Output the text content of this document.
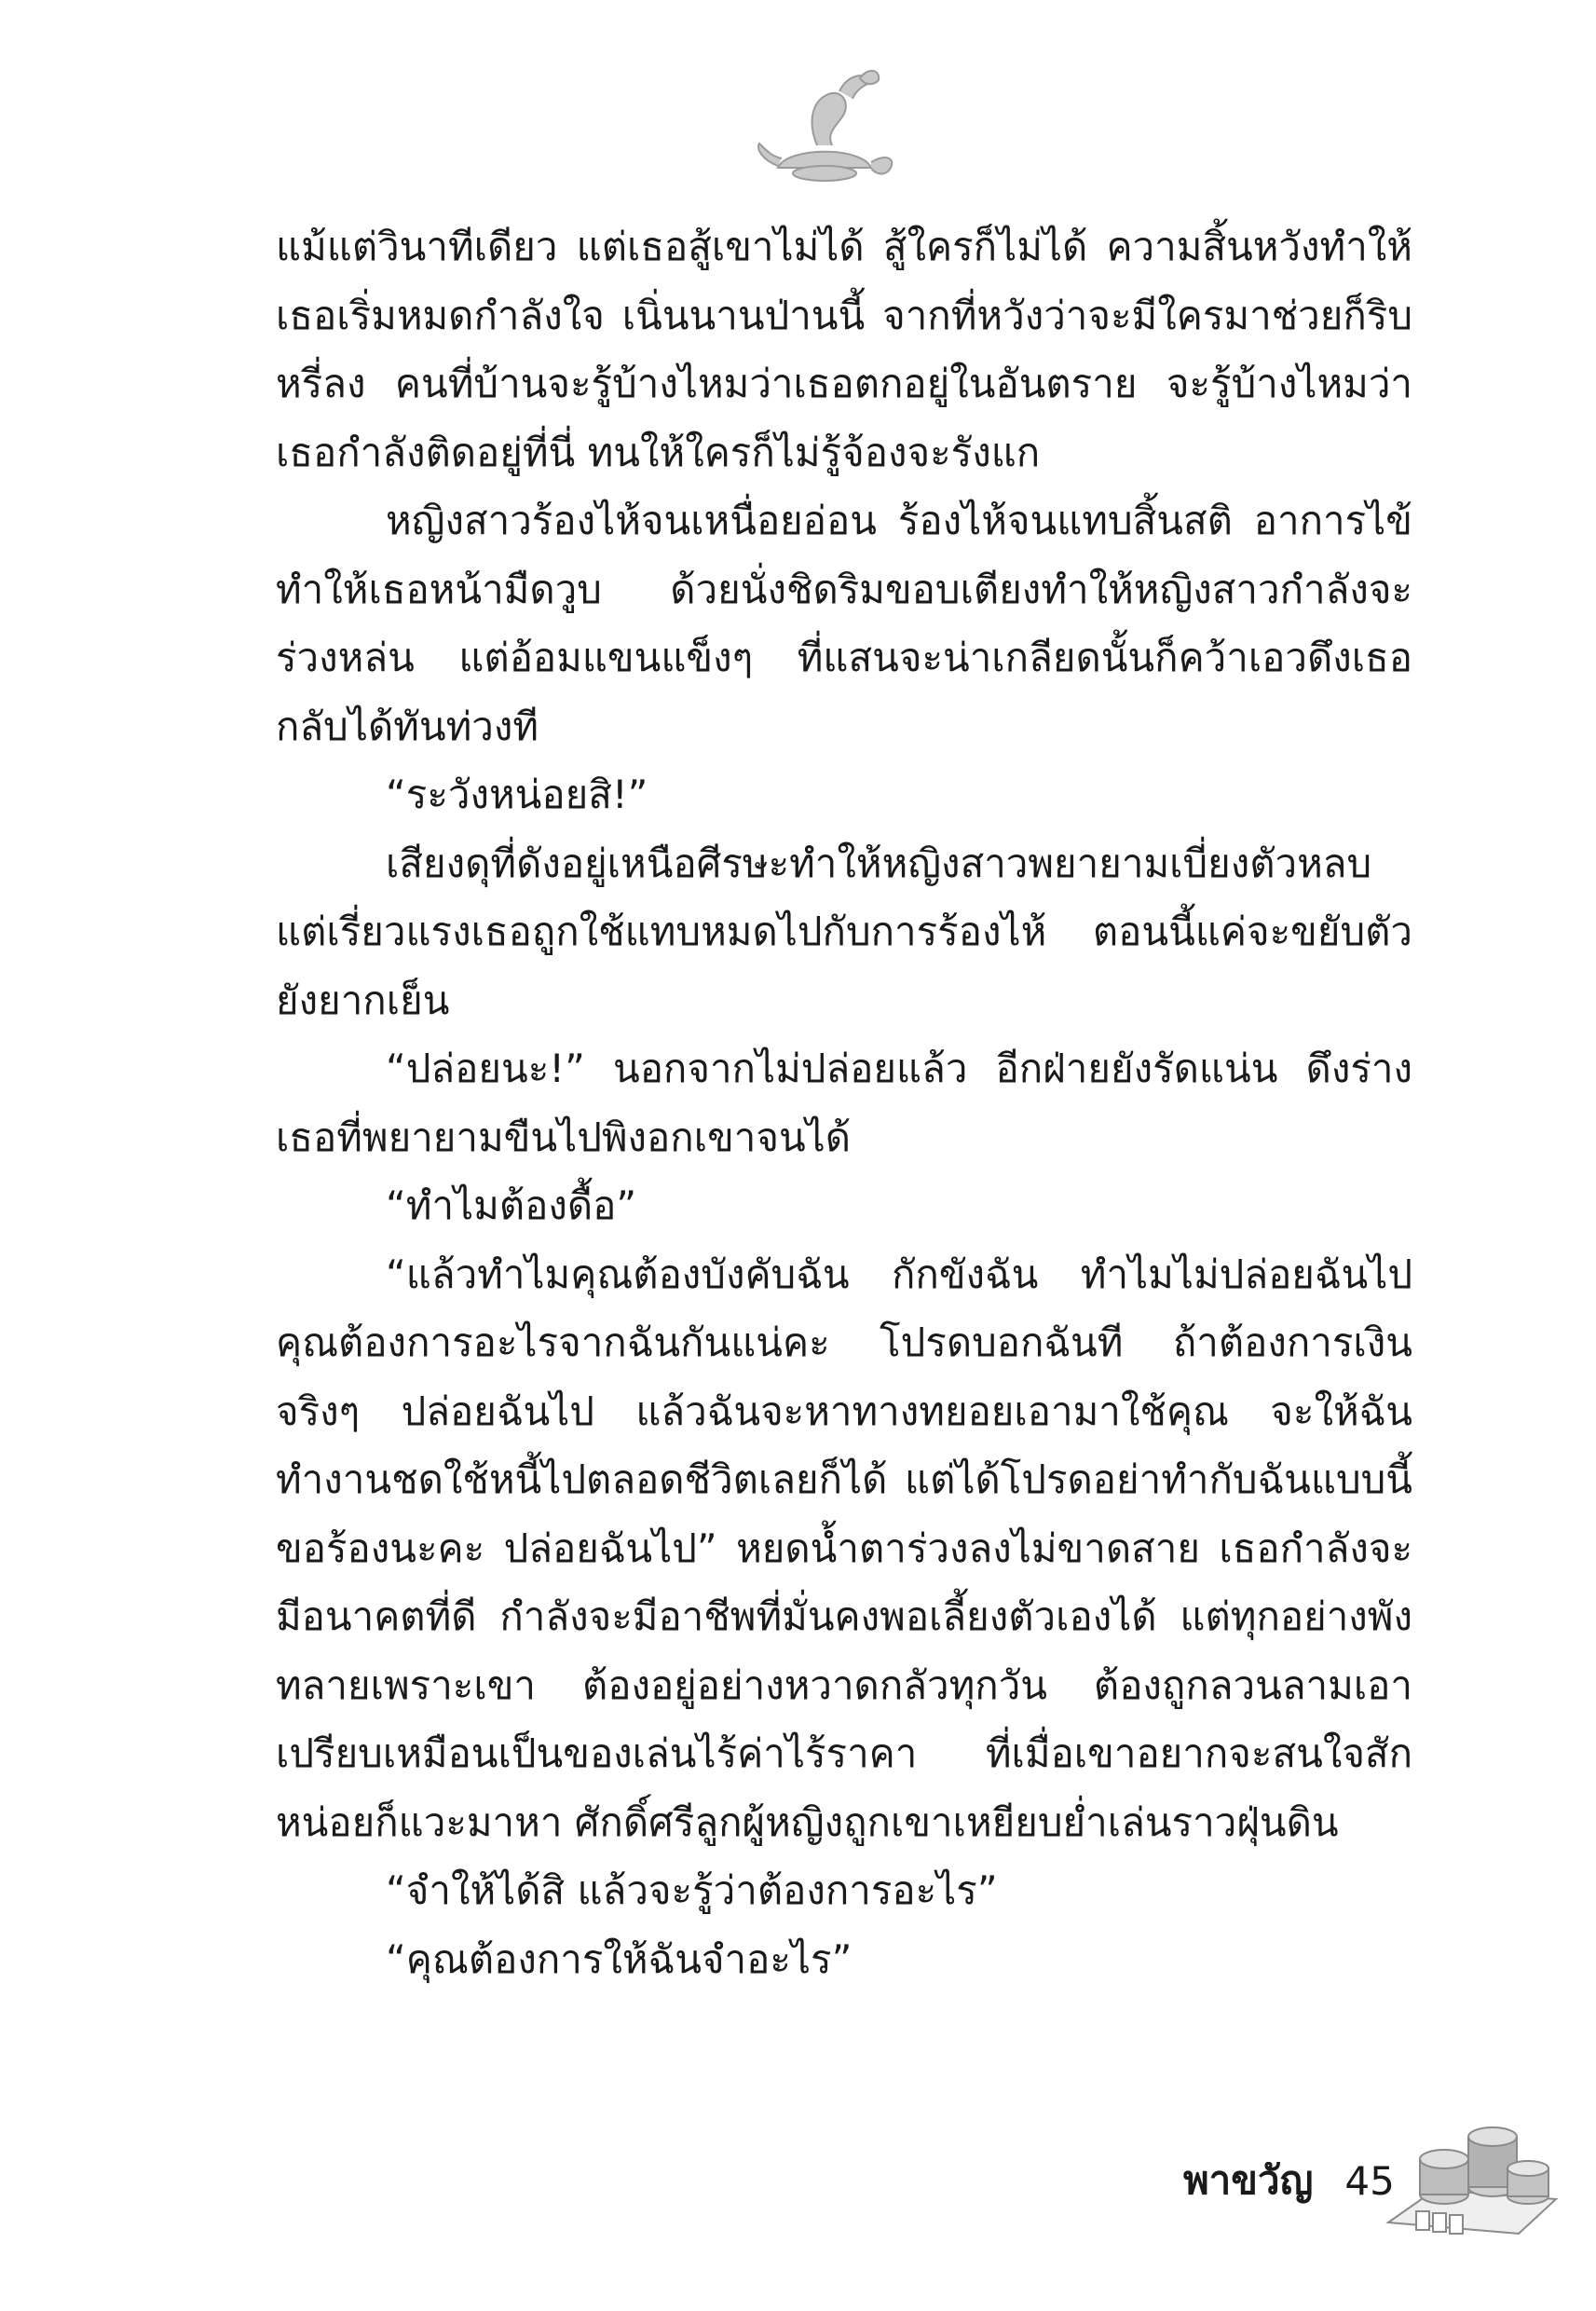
แม้แต่วินาทีเดียว แต่เธอสู้เขาไม่ได้ สู้ใครก็ไม่ได้ ความสิ้นหวังทำให้เธอเริ่มหมดกำลังใจ เนิ่นนานป่านนี้ จากที่หวังว่าจะมีใครมาช่วยก็ริบหรี่ลง คนที่บ้านจะรู้บ้างไหมว่าเธอตกอยู่ในอันตราย จะรู้บ้างไหมว่าเธอกำลังติดอยู่ที่นี่ ทนให้ใครก็ไม่รู้จ้องจะรังแก

หญิงสาวร้องไห้จนเหนื่อยอ่อน ร้องไห้จนแทบสิ้นสติ อาการไข้ทำให้เธอหน้ามืดวูบ ด้วยนั่งชิดริมขอบเตียงทำให้หญิงสาวกำลังจะร่วงหล่น แต่อ้อมแขนแข็งๆ ที่แสนจะน่าเกลียดนั้นก็คว้าเอวดึงเธอกลับได้ทันท่วงที

“ระวังหน่อยสิ!”

เสียงดุที่ดังอยู่เหนือศีรษะทำให้หญิงสาวพยายามเบี่ยงตัวหลบ แต่เรี่ยวแรงเธอถูกใช้แทบหมดไปกับการร้องไห้ ตอนนี้แค่จะขยับตัวยังยากเย็น

“ปล่อยนะ!” นอกจากไม่ปล่อยแล้ว อีกฝ่ายยังรัดแน่น ดึงร่างเธอที่พยายามขืนไปพิงอกเขาจนได้

“ทำไมต้องดื้อ”

“แล้วทำไมคุณต้องบังคับฉัน กักขังฉัน ทำไมไม่ปล่อยฉันไป คุณต้องการอะไรจากฉันกันแน่คะ โปรดบอกฉันที ถ้าต้องการเงินจริงๆ ปล่อยฉันไป แล้วฉันจะหาทางทยอยเอามาใช้คุณ จะให้ฉันทำงานชดใช้หนี้ไปตลอดชีวิตเลยก็ได้ แต่ได้โปรดอย่าทำกับฉันแบบนี้ ขอร้องนะคะ ปล่อยฉันไป” หยดน้ำตาร่วงลงไม่ขาดสาย เธอกำลังจะมีอนาคตที่ดี กำลังจะมีอาชีพที่มั่นคงพอเลี้ยงตัวเองได้ แต่ทุกอย่างพังทลายเพราะเขา ต้องอยู่อย่างหวาดกลัวทุกวัน ต้องถูกลวนลามเอาเปรียบเหมือนเป็นของเล่นไร้ค่าไร้ราคา ที่เมื่อเขาอยากจะสนใจสักหน่อยก็แวะมาหา ศักดิ์ศรีลูกผู้หญิงถูกเขาเหยียบย่ำเล่นราวฝุ่นดิน

“จำให้ได้สิ แล้วจะรู้ว่าต้องการอะไร”

“คุณต้องการให้ฉันจำอะไร”

พาขวัญ 45
